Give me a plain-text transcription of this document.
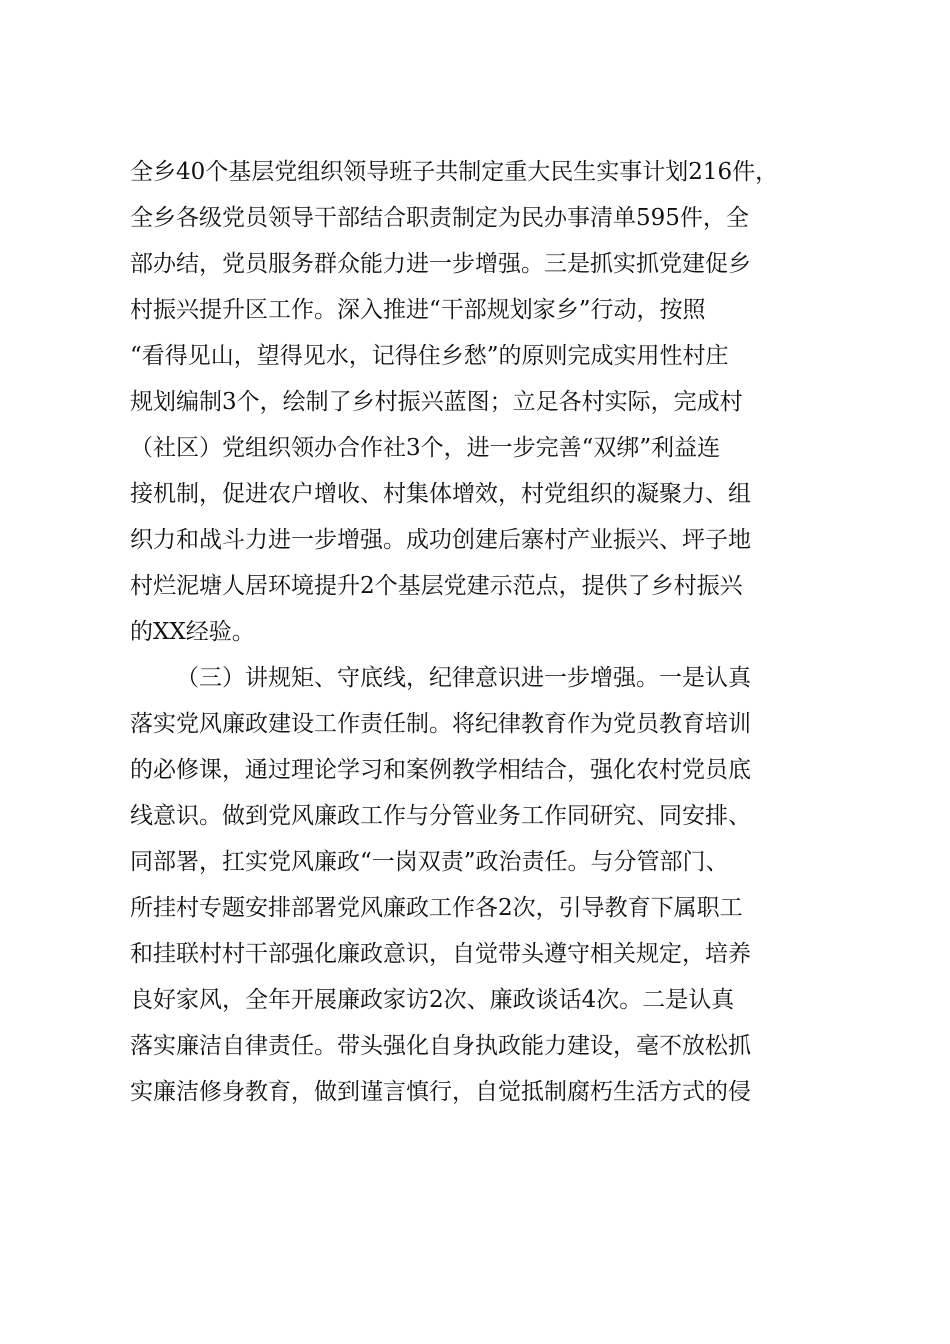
全乡40个基层党组织领导班子共制定重大民生实事计划216件，
全乡各级党员领导干部结合职责制定为民办事清单595件，全
部办结，党员服务群众能力进一步增强。三是抓实抓党建促乡
村振兴提升区工作。深入推进“干部规划家乡”行动，按照
“看得见山，望得见水，记得住乡愁”的原则完成实用性村庄
规划编制3个，绘制了乡村振兴蓝图；立足各村实际，完成村
（社区）党组织领办合作社3个，进一步完善“双绑”利益连
接机制，促进农户增收、村集体增效，村党组织的凝聚力、组
织力和战斗力进一步增强。成功创建后寨村产业振兴、坪子地
村烂泥塘人居环境提升2个基层党建示范点，提供了乡村振兴
的XX经验。
（三）讲规矩、守底线，纪律意识进一步增强。一是认真
落实党风廉政建设工作责任制。将纪律教育作为党员教育培训
的必修课，通过理论学习和案例教学相结合，强化农村党员底
线意识。做到党风廉政工作与分管业务工作同研究、同安排、
同部署，扛实党风廉政“一岗双责”政治责任。与分管部门、
所挂村专题安排部署党风廉政工作各2次，引导教育下属职工
和挂联村村干部强化廉政意识，自觉带头遵守相关规定，培养
良好家风，全年开展廉政家访2次、廉政谈话4次。二是认真
落实廉洁自律责任。带头强化自身执政能力建设，毫不放松抓
实廉洁修身教育，做到谨言慎行，自觉抵制腐朽生活方式的侵
